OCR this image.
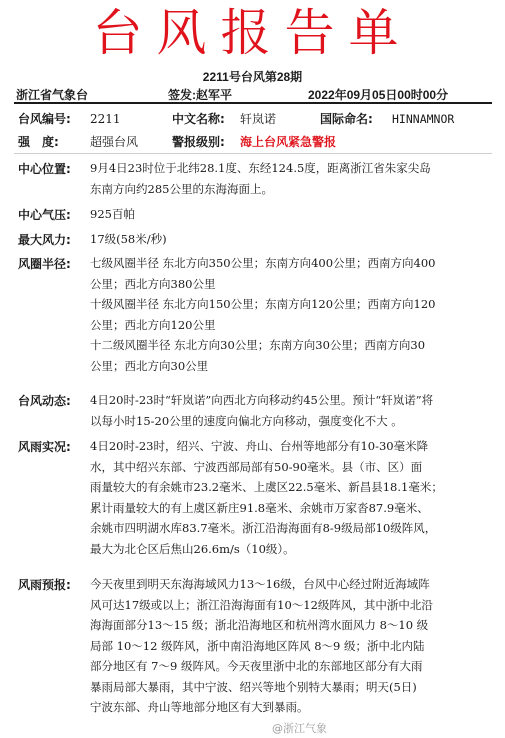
台风报告单
2211号台风第28期
浙江省气象台	签发:赵军平	2022年09月05日00时00分
台风编号: 2211	中文名称: 轩岚诺	国际命名: HINNAMNOR
强　度:	超强台风	警报级别: 海上台风紧急警报
中心位置: 9月4日23时位于北纬28.1度、东经124.5度，距离浙江省朱家尖岛
东南方向约285公里的东海海面上。
中心气压: 925百帕
最大风力: 17级(58米/秒)
风圈半径: 七级风圈半径 东北方向350公里；东南方向400公里；西南方向400
公里；西北方向380公里
十级风圈半径 东北方向150公里；东南方向120公里；西南方向120
公里；西北方向120公里
十二级风圈半径 东北方向30公里；东南方向30公里；西南方向30
公里；西北方向30公里
台风动态: 4日20时-23时“轩岚诺”向西北方向移动约45公里。预计“轩岚诺”将
以每小时15-20公里的速度向偏北方向移动，强度变化不大 。
风雨实况: 4日20时-23时，绍兴、宁波、舟山、台州等地部分有10-30毫米降
水，其中绍兴东部、宁波西部局部有50-90毫米。县（市、区）面
雨量较大的有余姚市23.2毫米、上虞区22.5毫米、新昌县18.1毫米；
累计雨量较大的有上虞区新庄91.8毫米、余姚市万家沓87.9毫米、
余姚市四明湖水库83.7毫米。浙江沿海海面有8-9级局部10级阵风，
最大为北仑区后焦山26.6m/s（10级）。
风雨预报: 今天夜里到明天东海海域风力13～16级，台风中心经过附近海域阵
风可达17级或以上；浙江沿海海面有10～12级阵风，其中浙中北沿
海海面部分13～15 级；浙北沿海地区和杭州湾水面风力 8～10 级
局部 10～12 级阵风，浙中南沿海地区阵风 8～9 级；浙中北内陆
部分地区有 7～9 级阵风。今天夜里浙中北的东部地区部分有大雨
暴雨局部大暴雨，其中宁波、绍兴等地个别特大暴雨；明天(5日)
宁波东部、舟山等地部分地区有大到暴雨。
@浙江气象
